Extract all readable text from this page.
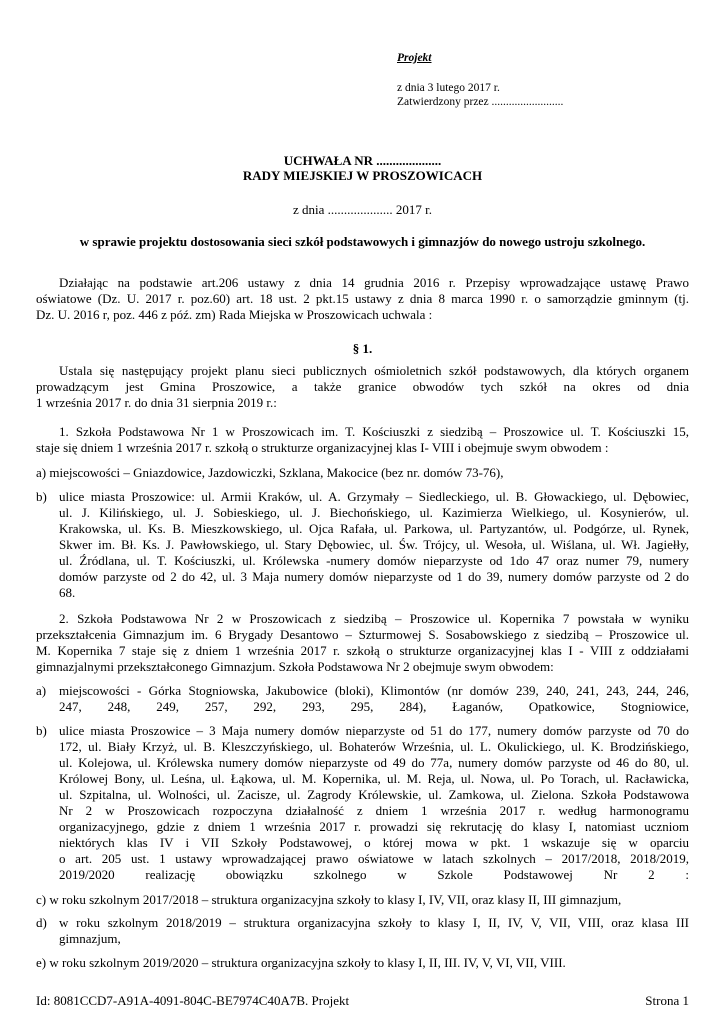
Projekt
z dnia 3 lutego 2017 r.
Zatwierdzony przez .........................
UCHWAŁA NR ....................
RADY MIEJSKIEJ W PROSZOWICACH
z dnia .................... 2017 r.
w sprawie projektu dostosowania sieci szkół podstawowych i gimnazjów do nowego ustroju szkolnego.
Działając na podstawie art.206 ustawy z dnia 14 grudnia 2016 r. Przepisy wprowadzające ustawę Prawo
oświatowe (Dz. U. 2017 r. poz.60) art. 18 ust. 2 pkt.15 ustawy z dnia 8 marca 1990 r. o samorządzie gminnym (tj.
Dz. U. 2016 r, poz. 446 z póź. zm) Rada Miejska w Proszowicach uchwala :
§ 1.
Ustala się następujący projekt planu sieci publicznych ośmioletnich szkół podstawowych, dla których organem
prowadzącym jest Gmina Proszowice, a także granice obwodów tych szkół na okres od dnia
1 września 2017 r. do dnia 31 sierpnia 2019 r.:
1. Szkoła Podstawowa Nr 1 w Proszowicach im. T. Kościuszki z siedzibą – Proszowice ul. T. Kościuszki 15,
staje się dniem 1 września 2017 r. szkołą o strukturze organizacyjnej klas I- VIII i obejmuje swym obwodem :
a) miejscowości – Gniazdowice, Jazdowiczki, Szklana, Makocice (bez nr. domów 73-76),
b) ulice miasta Proszowice: ul. Armii Kraków, ul. A. Grzymały – Siedleckiego, ul. B. Głowackiego, ul. Dębowiec,
ul. J. Kilińskiego, ul. J. Sobieskiego, ul. J. Biechońskiego, ul. Kazimierza Wielkiego, ul. Kosynierów, ul.
Krakowska, ul. Ks. B. Mieszkowskiego, ul. Ojca Rafała, ul. Parkowa, ul. Partyzantów, ul. Podgórze, ul. Rynek,
Skwer im. Bł. Ks. J. Pawłowskiego, ul. Stary Dębowiec, ul. Św. Trójcy, ul. Wesoła, ul. Wiślana, ul. Wł. Jagiełły,
ul. Źródlana, ul. T. Kościuszki, ul. Królewska -numery domów nieparzyste od 1do 47 oraz numer 79, numery
domów parzyste od 2 do 42, ul. 3 Maja numery domów nieparzyste od 1 do 39, numery domów parzyste od 2 do
68.
2. Szkoła Podstawowa Nr 2 w Proszowicach z siedzibą – Proszowice ul. Kopernika 7 powstała w wyniku
przekształcenia Gimnazjum im. 6 Brygady Desantowo – Szturmowej S. Sosabowskiego z siedzibą – Proszowice ul.
M. Kopernika 7 staje się z dniem 1 września 2017 r. szkołą o strukturze organizacyjnej klas I - VIII z oddziałami
gimnazjalnymi przekształconego Gimnazjum. Szkoła Podstawowa Nr 2 obejmuje swym obwodem:
a) miejscowości - Górka Stogniowska, Jakubowice (bloki), Klimontów (nr domów 239, 240, 241, 243, 244, 246,
247, 248, 249, 257, 292, 293, 295, 284), Łaganów, Opatkowice, Stogniowice,
b) ulice miasta Proszowice – 3 Maja numery domów nieparzyste od 51 do 177, numery domów parzyste od 70 do
172, ul. Biały Krzyż, ul. B. Kleszczyńskiego, ul. Bohaterów Września, ul. L. Okulickiego, ul. K. Brodzińskiego,
ul. Kolejowa, ul. Królewska numery domów nieparzyste od 49 do 77a, numery domów parzyste od 46 do 80, ul.
Królowej Bony, ul. Leśna, ul. Łąkowa, ul. M. Kopernika, ul. M. Reja, ul. Nowa, ul. Po Torach, ul. Racławicka,
ul. Szpitalna, ul. Wolności, ul. Zacisze, ul. Zagrody Królewskie, ul. Zamkowa, ul. Zielona. Szkoła Podstawowa
Nr 2 w Proszowicach rozpoczyna działalność z dniem 1 września 2017 r. według harmonogramu
organizacyjnego, gdzie z dniem 1 września 2017 r. prowadzi się rekrutację do klasy I, natomiast uczniom
niektórych klas IV i VII Szkoły Podstawowej, o której mowa w pkt. 1 wskazuje się w oparciu
o art. 205 ust. 1 ustawy wprowadzającej prawo oświatowe w latach szkolnych – 2017/2018, 2018/2019,
2019/2020 realizację obowiązku szkolnego w Szkole Podstawowej Nr 2 :
c) w roku szkolnym 2017/2018 – struktura organizacyjna szkoły to klasy I, IV, VII, oraz klasy II, III gimnazjum,
d) w roku szkolnym 2018/2019 – struktura organizacyjna szkoły to klasy I, II, IV, V, VII, VIII, oraz klasa III
gimnazjum,
e) w roku szkolnym 2019/2020 – struktura organizacyjna szkoły to klasy I, II, III. IV, V, VI, VII, VIII.
Id: 8081CCD7-A91A-4091-804C-BE7974C40A7B. Projekt	Strona 1
